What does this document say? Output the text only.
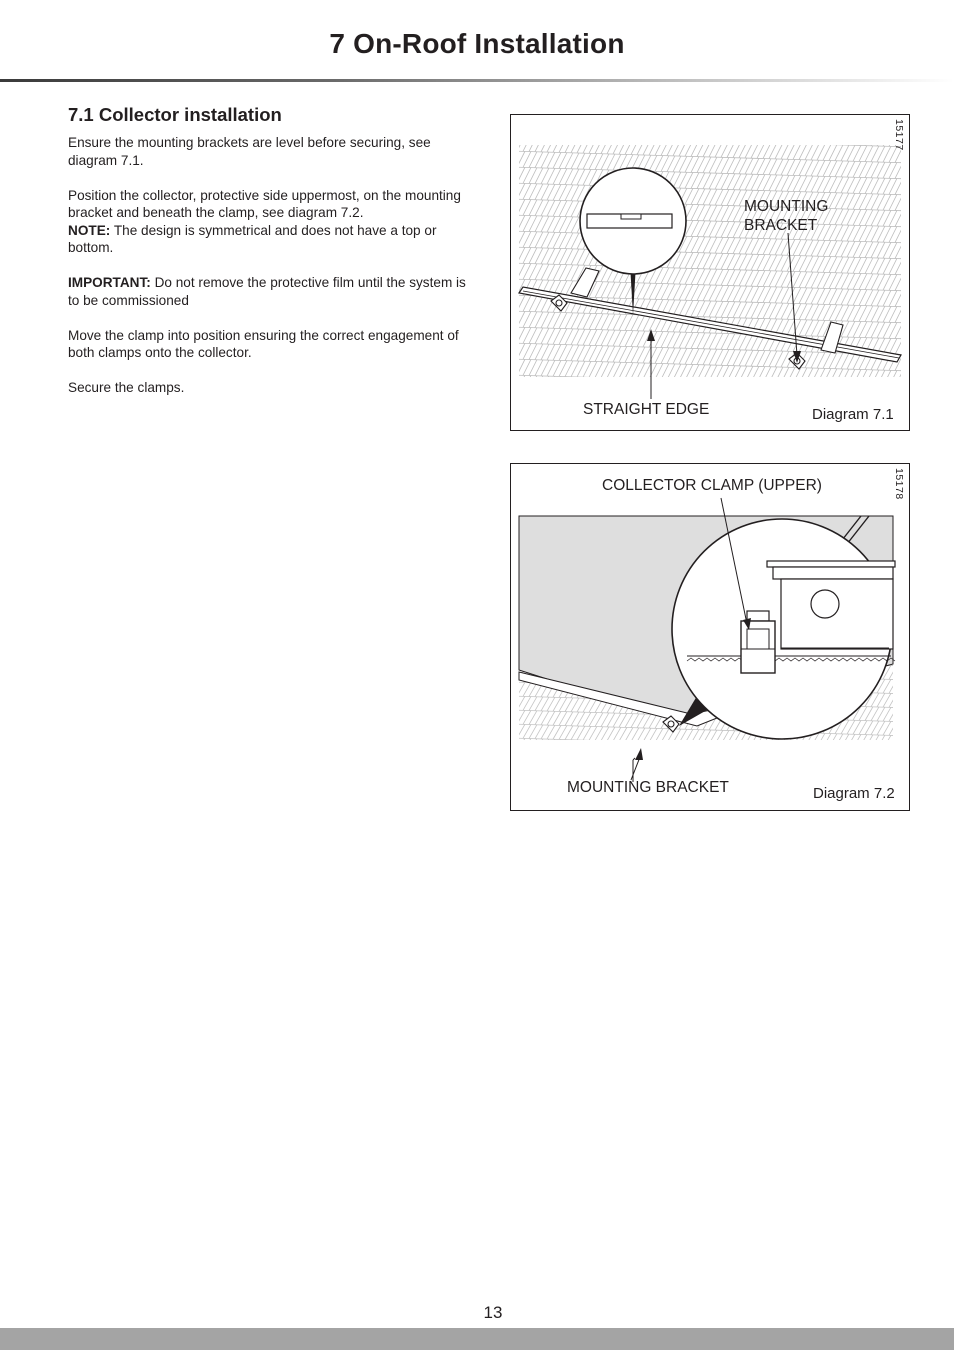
7 On-Roof Installation
7.1 Collector installation

Ensure the mounting brackets are level before securing, see diagram 7.1.

Position the collector, protective side uppermost, on the mounting bracket and beneath the clamp, see diagram 7.2.
NOTE: The design is symmetrical and does not have a top or bottom.

IMPORTANT: Do not remove the protective film until the system is to be commissioned

Move the clamp into position ensuring the correct engagement of both clamps onto the collector.

Secure the clamps.

MOUNTING
BRACKET
STRAIGHT EDGE	Diagram 7.1
15177
COLLECTOR CLAMP (UPPER)
MOUNTING BRACKET	Diagram 7.2
15178
13
